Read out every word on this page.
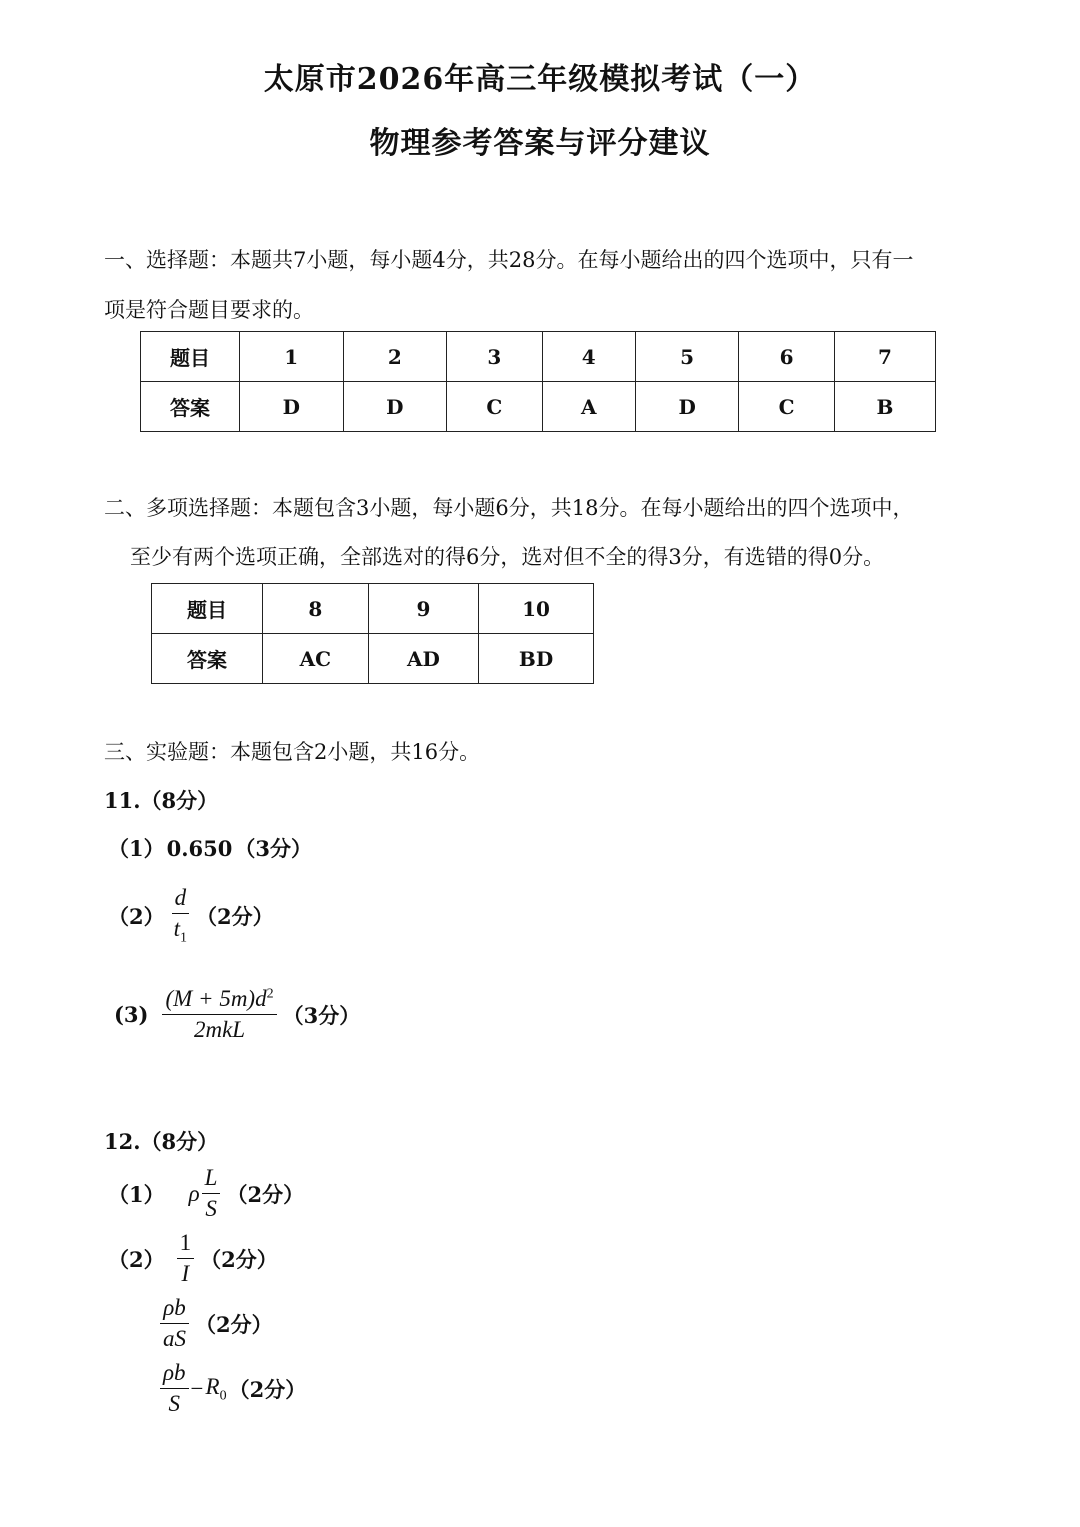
太原市2026年高三年级模拟考试（一）
物理参考答案与评分建议
一、选择题：本题共7小题，每小题4分，共28分。在每小题给出的四个选项中，只有一
项是符合题目要求的。
题目	1	2	3	4	5	6	7
答案	D	D	C	A	D	C	B
二、多项选择题：本题包含3小题，每小题6分，共18分。在每小题给出的四个选项中，
至少有两个选项正确，全部选对的得6分，选对但不全的得3分，有选错的得0分。
题目	8	9	10
答案	AC	AD	BD
三、实验题：本题包含2小题，共16分。
11.（8分）
（1） 0.650 （3分）
$(2) \frac{d}{t_1} (2$分）
$(3) \frac{(M + 5m)d^2}{\text{2mkL}} (3$分）
12.（8分）
（1） ρ $\frac{L}{S} (2$分）
$(2) \frac{1}{I} (2$分）
$\frac{\rho b}{aS} (2$分）
$\frac{\rho b}{S} - R_0$ （2分）
